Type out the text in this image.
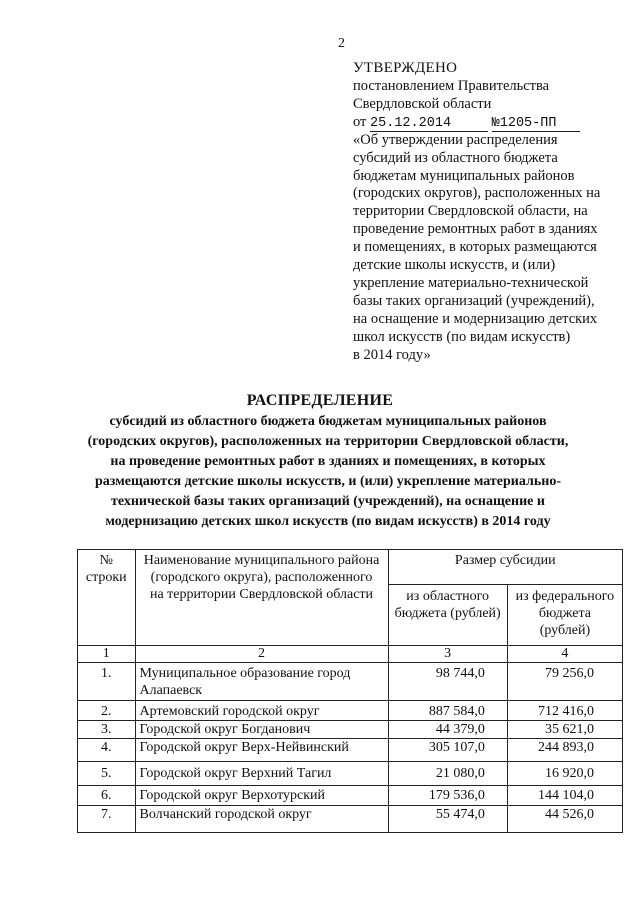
2
УТВЕРЖДЕНО
постановлением Правительства
Свердловской области
от 25.12.2014	№1205-ПП
«Об утверждении распределения
субсидий из областного бюджета
бюджетам муниципальных районов
(городских округов), расположенных на
территории Свердловской области, на
проведение ремонтных работ в зданиях
и помещениях, в которых размещаются
детские школы искусств, и (или)
укрепление материально-технической
базы таких организаций (учреждений),
на оснащение и модернизацию детских
школ искусств (по видам искусств)
в 2014 году»
РАСПРЕДЕЛЕНИЕ
субсидий из областного бюджета бюджетам муниципальных районов
(городских округов), расположенных на территории Свердловской области,
на проведение ремонтных работ в зданиях и помещениях, в которых
размещаются детские школы искусств, и (или) укрепление материально-
технической базы таких организаций (учреждений), на оснащение и
модернизацию детских школ искусств (по видам искусств) в 2014 году
№ строки	Наименование муниципального района (городского округа), расположенного на территории Свердловской области	Размер субсидии	
		из областного бюджета (рублей)	из федерального бюджета (рублей)
1	2	3	4
1.	Муниципальное образование город Алапаевск	98 744,0	79 256,0
2.	Артемовский городской округ	887 584,0	712 416,0
3.	Городской округ Богданович	44 379,0	35 621,0
4.	Городской округ Верх-Нейвинский	305 107,0	244 893,0
5.	Городской округ Верхний Тагил	21 080,0	16 920,0
6.	Городской округ Верхотурский	179 536,0	144 104,0
7.	Волчанский городской округ	55 474,0	44 526,0
